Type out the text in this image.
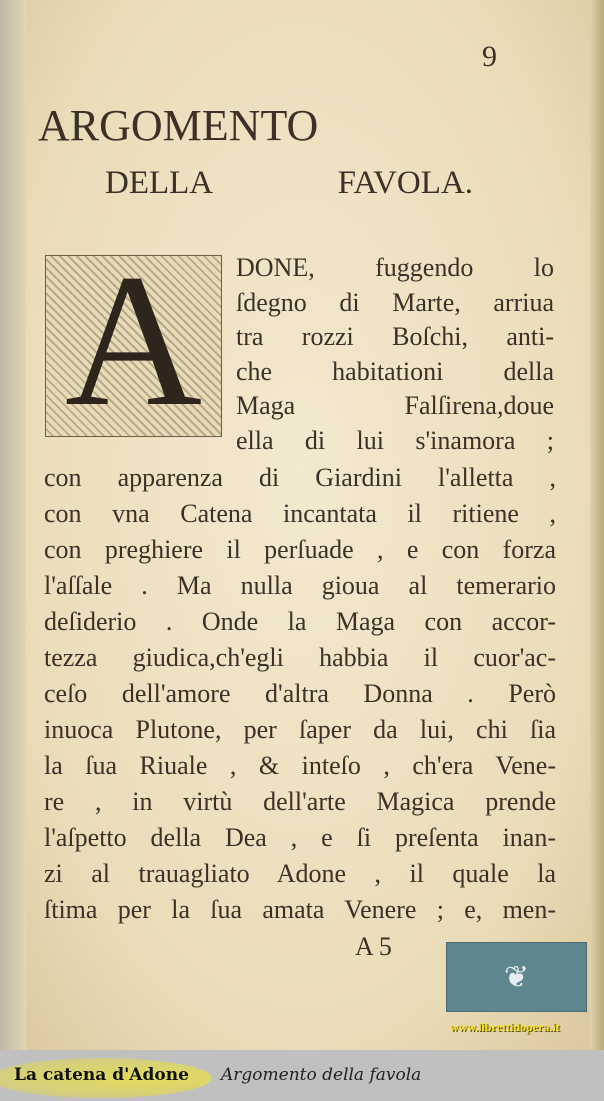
9
ARGOMENTO
DELLA FAVOLA.
A	DONE, fuggendo lo
ſdegno di Marte, arriua
tra rozzi Boſchi, anti-
che habitationi della
Maga Falſirena,doue
ella di lui s'inamora ;
con apparenza di Giardini l'alletta ,
con vna Catena incantata il ritiene ,
con preghiere il perſuade , e con forza
l'aſſale . Ma nulla gioua al temerario
deſiderio . Onde la Maga con accor-
tezza giudica,ch'egli habbia il cuor'ac-
ceſo dell'amore d'altra Donna . Però
inuoca Plutone, per ſaper da lui, chi ſia
la ſua Riuale , & inteſo , ch'era Vene-
re , in virtù dell'arte Magica prende
l'aſpetto della Dea , e ſi preſenta inan-
zi al trauagliato Adone , il quale la
ſtima per la ſua amata Venere ; e, men-
A 5
❦
www.librettidopera.it
La catena d'Adone Argomento della favola
